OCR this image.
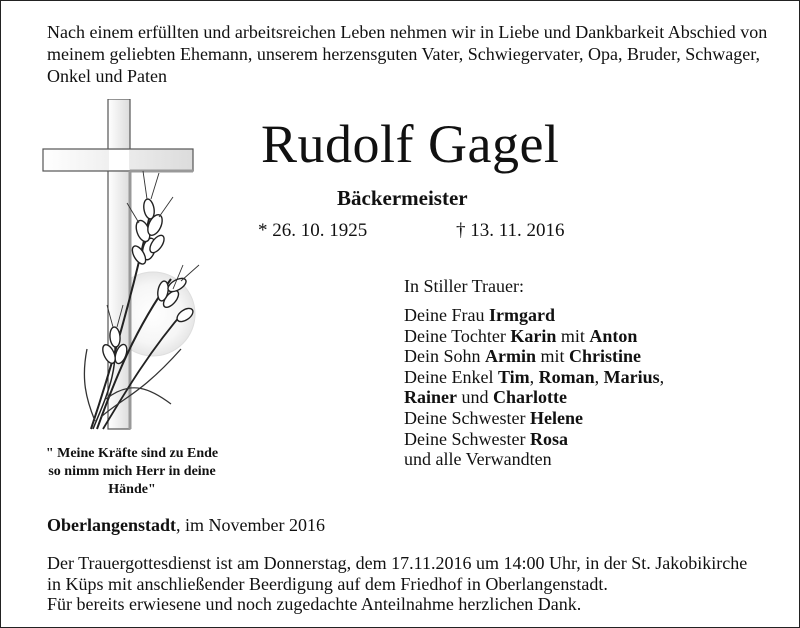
Nach einem erfüllten und arbeitsreichen Leben nehmen wir in Liebe und Dankbarkeit Abschied von
meinem geliebten Ehemann, unserem herzensguten Vater, Schwiegervater, Opa, Bruder, Schwager,
Onkel und Paten
Rudolf Gagel
Bäckermeister
* 26. 10. 1925	† 13. 11. 2016
In Stiller Trauer:
Deine Frau Irmgard
Deine Tochter Karin mit Anton
Dein Sohn Armin mit Christine
Deine Enkel Tim, Roman, Marius,
Rainer und Charlotte
Deine Schwester Helene
Deine Schwester Rosa
und alle Verwandten
" Meine Kräfte sind zu Ende
so nimm mich Herr in deine
Hände"
Oberlangenstadt, im November 2016
Der Trauergottesdienst ist am Donnerstag, dem 17.11.2016 um 14:00 Uhr, in der St. Jakobikirche
in Küps mit anschließender Beerdigung auf dem Friedhof in Oberlangenstadt.
Für bereits erwiesene und noch zugedachte Anteilnahme herzlichen Dank.
